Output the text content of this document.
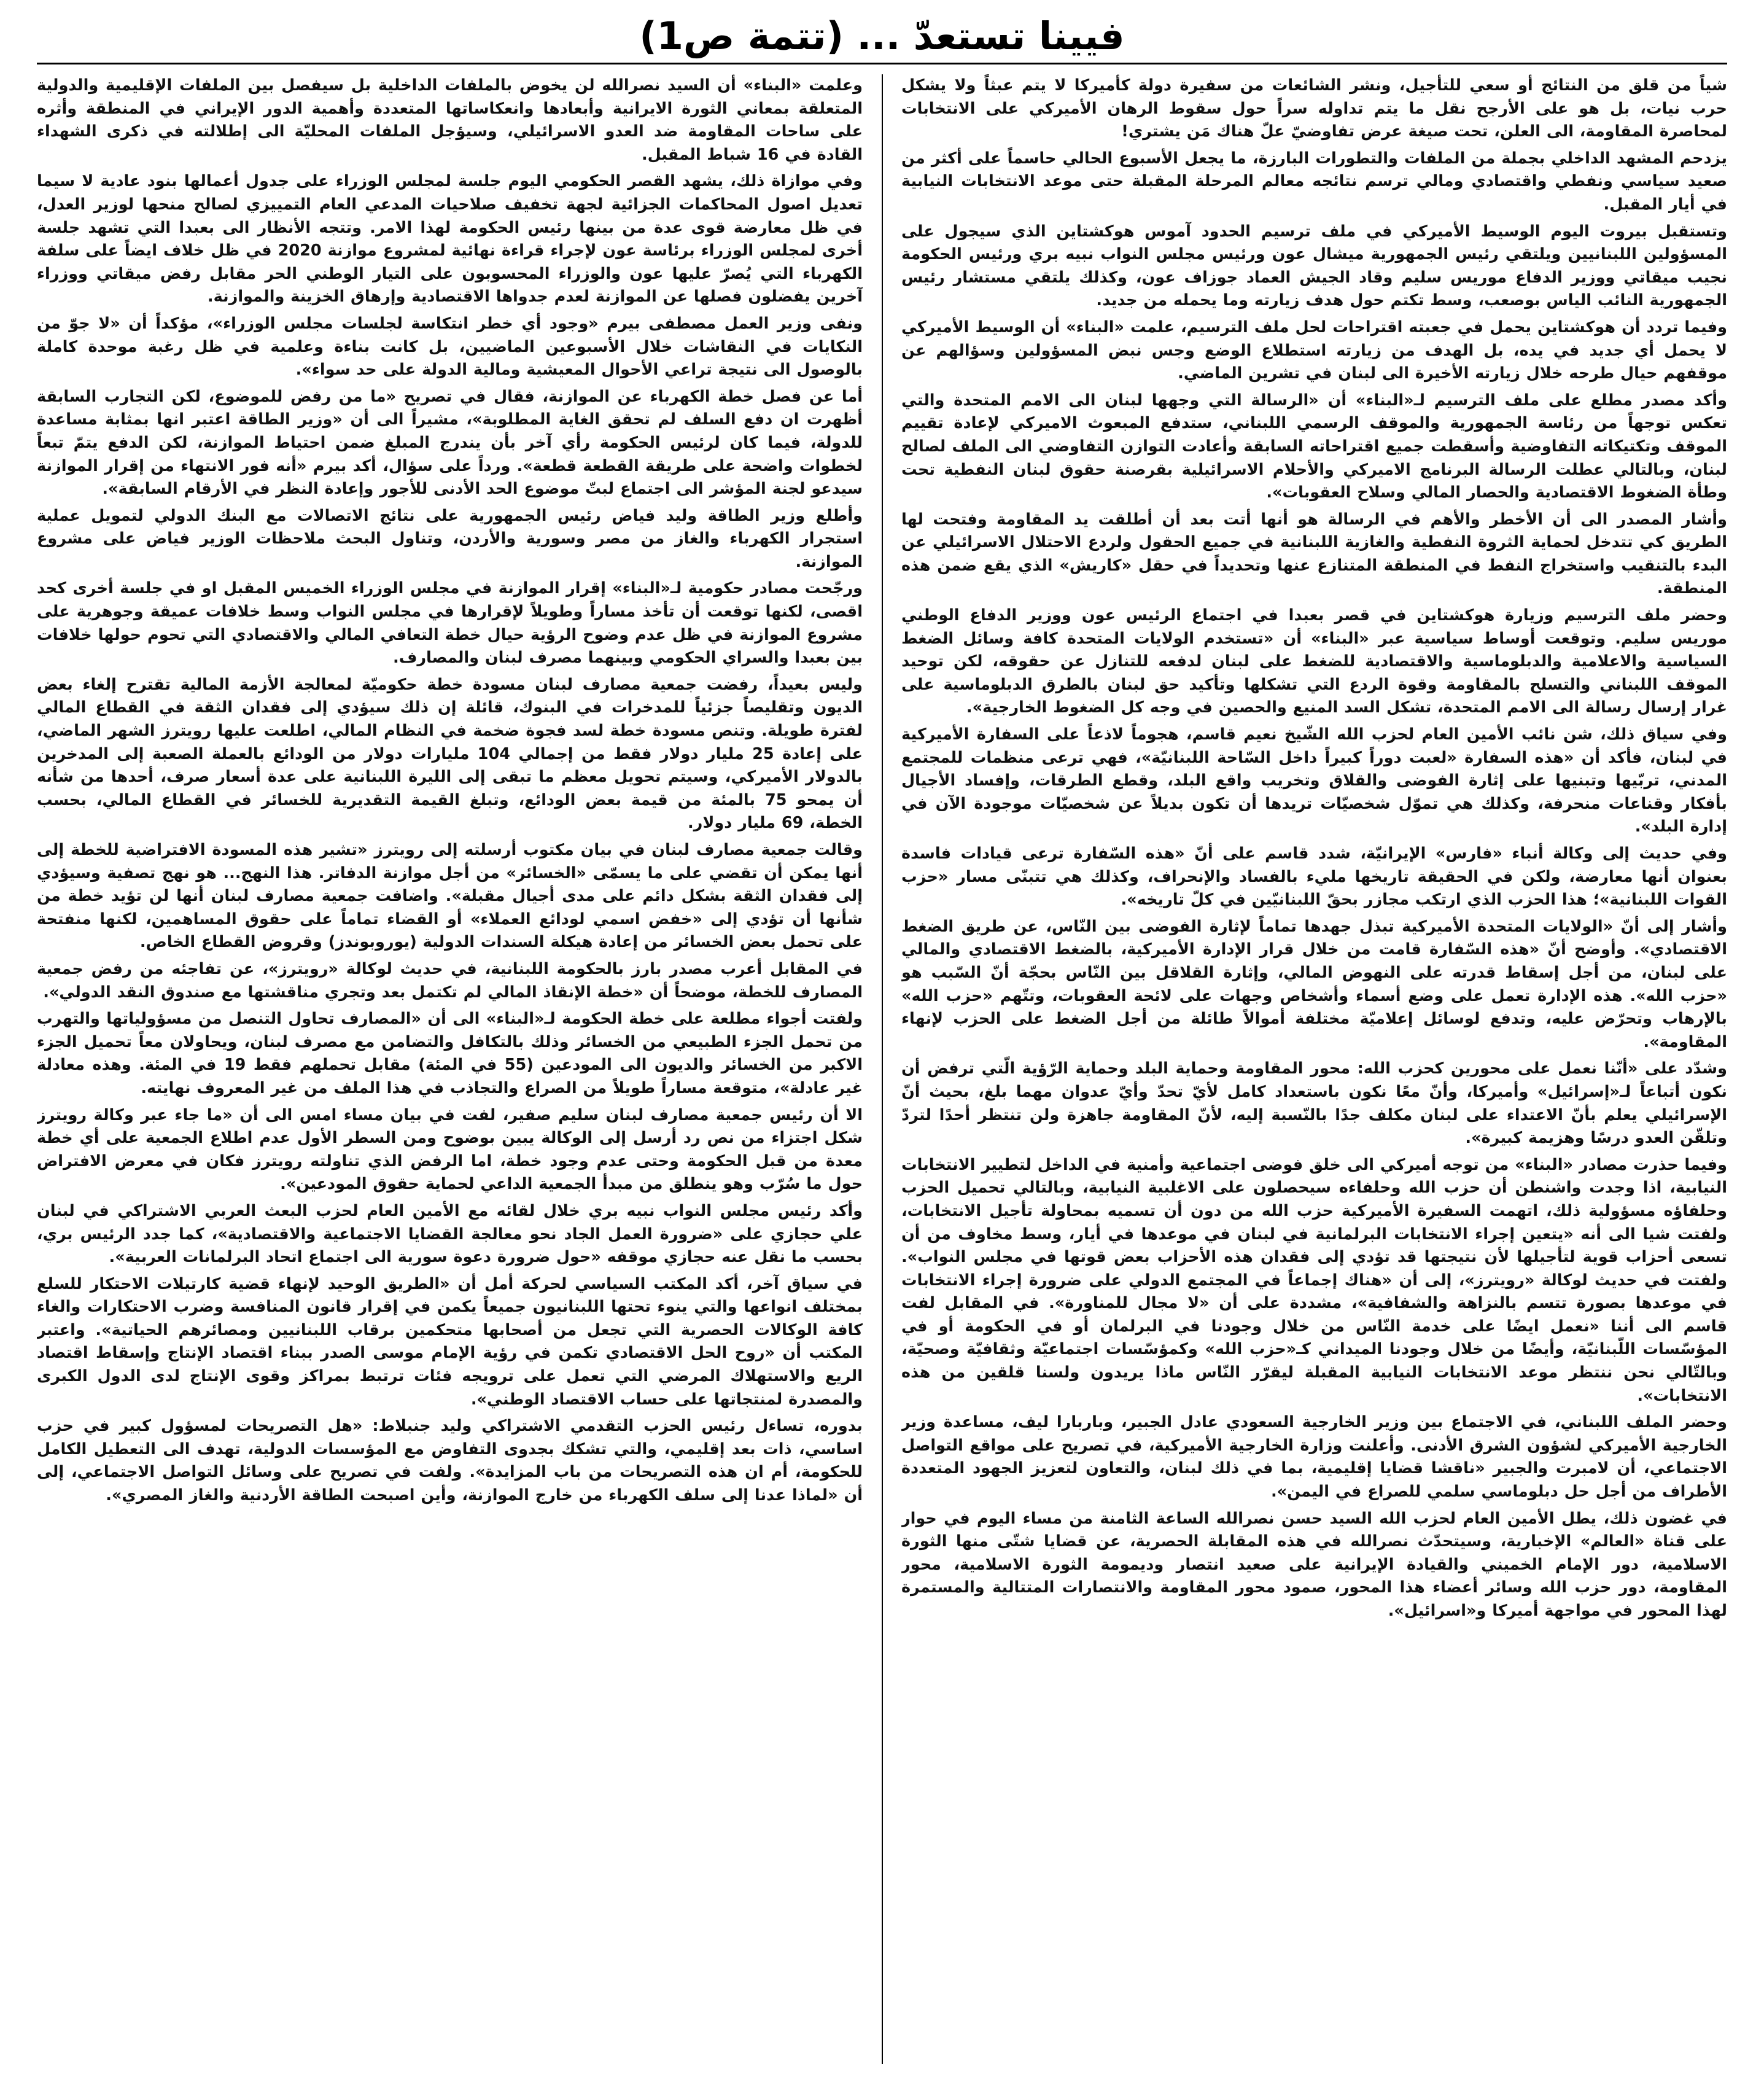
فيينا تستعدّ ... (تتمة ص1)

شياً من قلق من النتائج أو سعي للتأجيل، ونشر الشائعات من سفيرة دولة كأميركا لا يتم عبثاً ولا يشكل حرب نيات، بل هو على الأرجح نقل ما يتم تداوله سراً حول سقوط الرهان الأميركي على الانتخابات لمحاصرة المقاومة، الى العلن، تحت صيغة عرض تفاوضيّ علّ هناك مَن يشتري!

يزدحم المشهد الداخلي بجملة من الملفات والتطورات البارزة، ما يجعل الأسبوع الحالي حاسماً على أكثر من صعيد سياسي ونفطي واقتصادي ومالي ترسم نتائجه معالم المرحلة المقبلة حتى موعد الانتخابات النيابية في أيار المقبل.

وتستقبل بيروت اليوم الوسيط الأميركي في ملف ترسيم الحدود آموس هوكشتاين الذي سيجول على المسؤولين اللبنانيين ويلتقي رئيس الجمهورية ميشال عون ورئيس مجلس النواب نبيه بري ورئيس الحكومة نجيب ميقاتي ووزير الدفاع موريس سليم وقاد الجيش العماد جوزاف عون، وكذلك يلتقي مستشار رئيس الجمهورية النائب الياس بوصعب، وسط تكتم حول هدف زيارته وما يحمله من جديد.

وفيما تردد أن هوكشتاين يحمل في جعبته اقتراحات لحل ملف الترسيم، علمت «البناء» أن الوسيط الأميركي لا يحمل أي جديد في يده، بل الهدف من زيارته استطلاع الوضع وجس نبض المسؤولين وسؤالهم عن موقفهم حيال طرحه خلال زيارته الأخيرة الى لبنان في تشرين الماضي.

وأكد مصدر مطلع على ملف الترسيم لـ«البناء» أن «الرسالة التي وجهها لبنان الى الامم المتحدة والتي تعكس توجهاً من رئاسة الجمهورية والموقف الرسمي اللبناني، ستدفع المبعوث الاميركي لإعادة تقييم الموقف وتكتيكاته التفاوضية وأسقطت جميع اقتراحاته السابقة وأعادت التوازن التفاوضي الى الملف لصالح لبنان، وبالتالي عطلت الرسالة البرنامج الاميركي والأحلام الاسرائيلية بقرصنة حقوق لبنان النفطية تحت وطأة الضغوط الاقتصادية والحصار المالي وسلاح العقوبات».

وأشار المصدر الى أن الأخطر والأهم في الرسالة هو أنها أتت بعد أن أطلقت يد المقاومة وفتحت لها الطريق كي تتدخل لحماية الثروة النفطية والغازية اللبنانية في جميع الحقول ولردع الاحتلال الاسرائيلي عن البدء بالتنقيب واستخراج النفط في المنطقة المتنازع عنها وتحديداً في حقل «كاريش» الذي يقع ضمن هذه المنطقة.

وحضر ملف الترسيم وزيارة هوكشتاين في قصر بعبدا في اجتماع الرئيس عون ووزير الدفاع الوطني موريس سليم. وتوقعت أوساط سياسية عبر «البناء» أن «تستخدم الولايات المتحدة كافة وسائل الضغط السياسية والاعلامية والدبلوماسية والاقتصادية للضغط على لبنان لدفعه للتنازل عن حقوقه، لكن توحيد الموقف اللبناني والتسلح بالمقاومة وقوة الردع التي تشكلها وتأكيد حق لبنان بالطرق الدبلوماسية على غرار إرسال رسالة الى الامم المتحدة، تشكل السد المنيع والحصين في وجه كل الضغوط الخارجية».

وفي سياق ذلك، شن نائب الأمين العام لحزب الله الشّيخ نعيم قاسم، هجوماً لاذعاً على السفارة الأميركية في لبنان، فأكد أن «هذه السفارة «لعبت دوراً كبيراً داخل السّاحة اللبنانيّة»، فهي ترعى منظمات للمجتمع المدني، تربّيها وتبنيها على إثارة الفوضى والقلاق وتخريب واقع البلد، وقطع الطرقات، وإفساد الأجيال بأفكار وقناعات منحرفة، وكذلك هي تموّل شخصيّات تريدها أن تكون بديلاً عن شخصيّات موجودة الآن في إدارة البلد».

وفي حديث إلى وكالة أنباء «فارس» الإيرانيّة، شدد قاسم على أنّ «هذه السّفارة ترعى قيادات فاسدة بعنوان أنها معارضة، ولكن في الحقيقة تاريخها مليء بالفساد والإنحراف، وكذلك هي تتبنّى مسار «حزب القوات اللبنانية»؛ هذا الحزب الذي ارتكب مجازر بحقّ اللبنانيّين في كلّ تاريخه».

وأشار إلى أنّ «الولايات المتحدة الأميركية تبذل جهدها تماماً لإثارة الفوضى بين النّاس، عن طريق الضغط الاقتصادي». وأوضح أنّ «هذه السّفارة قامت من خلال قرار الإدارة الأميركية، بالضغط الاقتصادي والمالي على لبنان، من أجل إسقاط قدرته على النهوض المالي، وإثارة القلاقل بين النّاس بحجّة أنّ السّبب هو «حزب الله». هذه الإدارة تعمل على وضع أسماء وأشخاص وجهات على لائحة العقوبات، وتتّهم «حزب الله» بالإرهاب وتحرّض عليه، وتدفع لوسائل إعلاميّة مختلفة أموالاً طائلة من أجل الضغط على الحزب لإنهاء المقاومة».

وشدّد على «أنّنا نعمل على محورين كحزب الله: محور المقاومة وحماية البلد وحماية الرّؤية الّتي ترفض أن نكون أتباعاً لـ«إسرائيل» وأميركا، وأنّ معًا نكون باستعداد كامل لأيّ تحدّ وأيّ عدوان مهما بلغ، بحيث أنّ الإسرائيلي يعلم بأنّ الاعتداء على لبنان مكلف جدًا بالنّسبة إليه، لأنّ المقاومة جاهزة ولن تنتظر أحدًا لتردّ وتلقّن العدو درسًا وهزيمة كبيرة».

وفيما حذرت مصادر «البناء» من توجه أميركي الى خلق فوضى اجتماعية وأمنية في الداخل لتطيير الانتخابات النيابية، اذا وجدت واشنطن أن حزب الله وحلفاءه سيحصلون على الاغلبية النيابية، وبالتالي تحميل الحزب وحلفاؤه مسؤولية ذلك، اتهمت السفيرة الأميركية حزب الله من دون أن تسميه بمحاولة تأجيل الانتخابات، ولفتت شيا الى أنه «يتعين إجراء الانتخابات البرلمانية في لبنان في موعدها في أيار، وسط مخاوف من أن تسعى أحزاب قوية لتأجيلها لأن نتيجتها قد تؤدي إلى فقدان هذه الأحزاب بعض قوتها في مجلس النواب». ولفتت في حديث لوكالة «رويترز»، إلى أن «هناك إجماعاً في المجتمع الدولي على ضرورة إجراء الانتخابات في موعدها بصورة تتسم بالنزاهة والشفافية»، مشددة على أن «لا مجال للمناورة». في المقابل لفت قاسم الى أننا «نعمل ايضًا على خدمة النّاس من خلال وجودنا في البرلمان أو في الحكومة أو في المؤسّسات اللّبنانيّة، وأيضًا من خلال وجودنا الميداني كـ«حزب الله» وكمؤسّسات اجتماعيّة وثقافيّة وصحيّة، وبالتّالي نحن ننتظر موعد الانتخابات النيابية المقبلة ليقرّر النّاس ماذا يريدون ولسنا قلقين من هذه الانتخابات».

وحضر الملف اللبناني، في الاجتماع بين وزير الخارجية السعودي عادل الجبير، وباربارا ليف، مساعدة وزير الخارجية الأميركي لشؤون الشرق الأدنى. وأعلنت وزارة الخارجية الأميركية، في تصريح على مواقع التواصل الاجتماعي، أن لامبرت والجبير «ناقشا قضايا إقليمية، بما في ذلك لبنان، والتعاون لتعزيز الجهود المتعددة الأطراف من أجل حل دبلوماسي سلمي للصراع في اليمن».

في غضون ذلك، يطل الأمين العام لحزب الله السيد حسن نصرالله الساعة الثامنة من مساء اليوم في حوار على قناة «العالم» الإخبارية، وسيتحدّث نصرالله في هذه المقابلة الحصرية، عن قضايا شتّى منها الثورة الاسلامية، دور الإمام الخميني والقيادة الإيرانية على صعيد انتصار وديمومة الثورة الاسلامية، محور المقاومة، دور حزب الله وسائر أعضاء هذا المحور، صمود محور المقاومة والانتصارات المتتالية والمستمرة لهذا المحور في مواجهة أميركا و«اسرائيل».

وعلمت «البناء» أن السيد نصرالله لن يخوض بالملفات الداخلية بل سيفصل بين الملفات الإقليمية والدولية المتعلقة بمعاني الثورة الايرانية وأبعادها وانعكاساتها المتعددة وأهمية الدور الإيراني في المنطقة وأثره على ساحات المقاومة ضد العدو الاسرائيلي، وسيؤجل الملفات المحليّة الى إطلالته في ذكرى الشهداء القادة في 16 شباط المقبل.

وفي موازاة ذلك، يشهد القصر الحكومي اليوم جلسة لمجلس الوزراء على جدول أعمالها بنود عادية لا سيما تعديل اصول المحاكمات الجزائية لجهة تخفيف صلاحيات المدعي العام التمييزي لصالح منحها لوزير العدل، في ظل معارضة قوى عدة من بينها رئيس الحكومة لهذا الامر. وتتجه الأنظار الى بعبدا التي تشهد جلسة أخرى لمجلس الوزراء برئاسة عون لإجراء قراءة نهائية لمشروع موازنة 2020 في ظل خلاف ايضاً على سلفة الكهرباء التي يُصرّ عليها عون والوزراء المحسوبون على التيار الوطني الحر مقابل رفض ميقاتي ووزراء آخرين يفضلون فصلها عن الموازنة لعدم جدواها الاقتصادية وإرهاق الخزينة والموازنة.

ونفى وزير العمل مصطفى بيرم «وجود أي خطر انتكاسة لجلسات مجلس الوزراء»، مؤكداً أن «لا جوّ من النكايات في النقاشات خلال الأسبوعين الماضيين، بل كانت بناءة وعلمية في ظل رغبة موحدة كاملة بالوصول الى نتيجة تراعي الأحوال المعيشية ومالية الدولة على حد سواء».

أما عن فصل خطة الكهرباء عن الموازنة، فقال في تصريح «ما من رفض للموضوع، لكن التجارب السابقة أظهرت ان دفع السلف لم تحقق الغاية المطلوبة»، مشيراً الى أن «وزير الطاقة اعتبر انها بمثابة مساعدة للدولة، فيما كان لرئيس الحكومة رأي آخر بأن يندرج المبلغ ضمن احتياط الموازنة، لكن الدفع يتمّ تبعاً لخطوات واضحة على طريقة القطعة قطعة». ورداً على سؤال، أكد بيرم «أنه فور الانتهاء من إقرار الموازنة سيدعو لجنة المؤشر الى اجتماع لبتّ موضوع الحد الأدنى للأجور وإعادة النظر في الأرقام السابقة».

وأطلع وزير الطاقة وليد فياض رئيس الجمهورية على نتائج الاتصالات مع البنك الدولي لتمويل عملية استجرار الكهرباء والغاز من مصر وسورية والأردن، وتناول البحث ملاحظات الوزير فياض على مشروع الموازنة.

ورجّحت مصادر حكومية لـ«البناء» إقرار الموازنة في مجلس الوزراء الخميس المقبل او في جلسة أخرى كحد اقصى، لكنها توقعت أن تأخذ مساراً وطويلاً لإقرارها في مجلس النواب وسط خلافات عميقة وجوهرية على مشروع الموازنة في ظل عدم وضوح الرؤية حيال خطة التعافي المالي والاقتصادي التي تحوم حولها خلافات بين بعبدا والسراي الحكومي وبينهما مصرف لبنان والمصارف.

وليس بعيداً، رفضت جمعية مصارف لبنان مسودة خطة حكوميّة لمعالجة الأزمة المالية تقترح إلغاء بعض الديون وتقليصاً جزئياً للمدخرات في البنوك، قائلة إن ذلك سيؤدي إلى فقدان الثقة في القطاع المالي لفترة طويلة. وتنص مسودة خطة لسد فجوة ضخمة في النظام المالي، اطلعت عليها رويترز الشهر الماضي، على إعادة 25 مليار دولار فقط من إجمالي 104 مليارات دولار من الودائع بالعملة الصعبة إلى المدخرين بالدولار الأميركي، وسيتم تحويل معظم ما تبقى إلى الليرة اللبنانية على عدة أسعار صرف، أحدها من شأنه أن يمحو 75 بالمئة من قيمة بعض الودائع، وتبلغ القيمة التقديرية للخسائر في القطاع المالي، بحسب الخطة، 69 مليار دولار.

وقالت جمعية مصارف لبنان في بيان مكتوب أرسلته إلى رويترز «تشير هذه المسودة الافتراضية للخطة إلى أنها يمكن أن تقضي على ما يسمّى «الخسائر» من أجل موازنة الدفاتر. هذا النهج... هو نهج تصفية وسيؤدي إلى فقدان الثقة بشكل دائم على مدى أجيال مقبلة». واضافت جمعية مصارف لبنان أنها لن تؤيد خطة من شأنها أن تؤدي إلى «خفض اسمي لودائع العملاء» أو القضاء تماماً على حقوق المساهمين، لكنها منفتحة على تحمل بعض الخسائر من إعادة هيكلة السندات الدولية (يوروبوندز) وقروض القطاع الخاص.

في المقابل أعرب مصدر بارز بالحكومة اللبنانية، في حديث لوكالة «رويترز»، عن تفاجئه من رفض جمعية المصارف للخطة، موضحاً أن «خطة الإنقاذ المالي لم تكتمل بعد وتجري مناقشتها مع صندوق النقد الدولي».

ولفتت أجواء مطلعة على خطة الحكومة لـ«البناء» الى أن «المصارف تحاول التنصل من مسؤولياتها والتهرب من تحمل الجزء الطبيعي من الخسائر وذلك بالتكافل والتضامن مع مصرف لبنان، ويحاولان معاً تحميل الجزء الاكبر من الخسائر والديون الى المودعين (55 في المئة) مقابل تحملهم فقط 19 في المئة. وهذه معادلة غير عادلة»، متوقعة مساراً طويلاً من الصراع والتجاذب في هذا الملف من غير المعروف نهايته.

الا أن رئيس جمعية مصارف لبنان سليم صفير، لفت في بيان مساء امس الى أن «ما جاء عبر وكالة رويترز شكل اجتزاء من نص رد أرسل إلى الوكالة يبين بوضوح ومن السطر الأول عدم اطلاع الجمعية على أي خطة معدة من قبل الحكومة وحتى عدم وجود خطة، اما الرفض الذي تناولته رويترز فكان في معرض الافتراض حول ما سُرّب وهو ينطلق من مبدأ الجمعية الداعي لحماية حقوق المودعين».

وأكد رئيس مجلس النواب نبيه بري خلال لقائه مع الأمين العام لحزب البعث العربي الاشتراكي في لبنان علي حجازي على «ضرورة العمل الجاد نحو معالجة القضايا الاجتماعية والاقتصادية»، كما جدد الرئيس بري، بحسب ما نقل عنه حجازي موقفه «حول ضرورة دعوة سورية الى اجتماع اتحاد البرلمانات العربية».

في سياق آخر، أكد المكتب السياسي لحركة أمل أن «الطريق الوحيد لإنهاء قضية كارتيلات الاحتكار للسلع بمختلف انواعها والتي ينوء تحتها اللبنانيون جميعاً يكمن في إقرار قانون المنافسة وضرب الاحتكارات والغاء كافة الوكالات الحصرية التي تجعل من أصحابها متحكمين برقاب اللبنانيين ومصائرهم الحياتية». واعتبر المكتب أن «روح الحل الاقتصادي تكمن في رؤية الإمام موسى الصدر ببناء اقتصاد الإنتاج وإسقاط اقتصاد الريع والاستهلاك المرضي التي تعمل على ترويجه فئات ترتبط بمراكز وقوى الإنتاج لدى الدول الكبرى والمصدرة لمنتجاتها على حساب الاقتصاد الوطني».

بدوره، تساءل رئيس الحزب التقدمي الاشتراكي وليد جنبلاط: «هل التصريحات لمسؤول كبير في حزب اساسي، ذات بعد إقليمي، والتي تشكك بجدوى التفاوض مع المؤسسات الدولية، تهدف الى التعطيل الكامل للحكومة، أم ان هذه التصريحات من باب المزايدة». ولفت في تصريح على وسائل التواصل الاجتماعي، إلى أن «لماذا عدنا إلى سلف الكهرباء من خارج الموازنة، وأين اصبحت الطاقة الأردنية والغاز المصري».
